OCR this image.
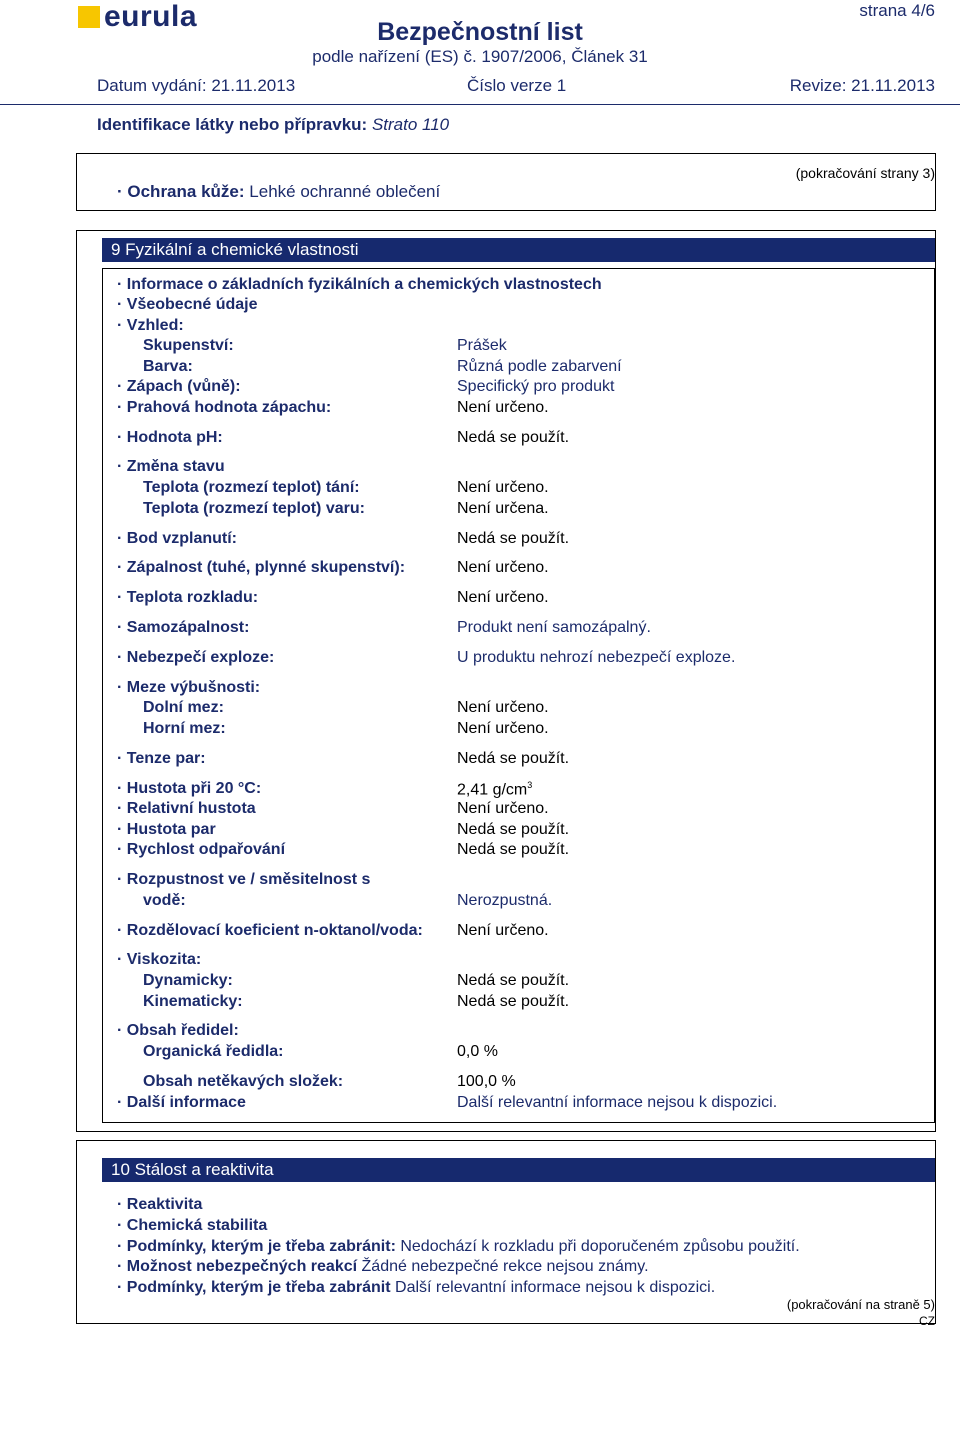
eurula	Bezpečnostní list
podle nařízení (ES) č. 1907/2006, Článek 31
strana 4/6
Datum vydání: 21.11.2013	Číslo verze 1	Revize: 21.11.2013
Identifikace látky nebo přípravku: Strato 110
(pokračování strany 3)
· Ochrana kůže: Lehké ochranné oblečení
9 Fyzikální a chemické vlastnosti
· Informace o základních fyzikálních a chemických vlastnostech
· Všeobecné údaje
· Vzhled:
Skupenství:	Prášek
Barva:	Různá podle zabarvení
· Zápach (vůně):	Specifický pro produkt
· Prahová hodnota zápachu:	Není určeno.
· Hodnota pH:	Nedá se použít.
· Změna stavu
Teplota (rozmezí teplot) tání:	Není určeno.
Teplota (rozmezí teplot) varu:	Není určena.
· Bod vzplanutí:	Nedá se použít.
· Zápalnost (tuhé, plynné skupenství):	Není určeno.
· Teplota rozkladu:	Není určeno.
· Samozápalnost:	Produkt není samozápalný.
· Nebezpečí exploze:	U produktu nehrozí nebezpečí exploze.
· Meze výbušnosti:
Dolní mez:	Není určeno.
Horní mez:	Není určeno.
· Tenze par:	Nedá se použít.
· Hustota při 20 °C:	2,41 $g/cm^3$
· Relativní hustota	Není určeno.
· Hustota par	Nedá se použít.
· Rychlost odpařování	Nedá se použít.
· Rozpustnost ve / směsitelnost s
vodě:	Nerozpustná.
· Rozdělovací koeficient n-oktanol/voda: Není určeno.
· Viskozita:
Dynamicky:	Nedá se použít.
Kinematicky:	Nedá se použít.
· Obsah ředidel:
Organická ředidla:	0,0 %
Obsah netěkavých složek:	100,0 %
· Další informace	Další relevantní informace nejsou k dispozici.
10 Stálost a reaktivita
· Reaktivita
· Chemická stabilita
· Podmínky, kterým je třeba zabránit: Nedochází k rozkladu při doporučeném způsobu použití.
· Možnost nebezpečných reakcí Žádné nebezpečné rekce nejsou známy.
· Podmínky, kterým je třeba zabránit Další relevantní informace nejsou k dispozici.
(pokračování na straně 5)
CZ
